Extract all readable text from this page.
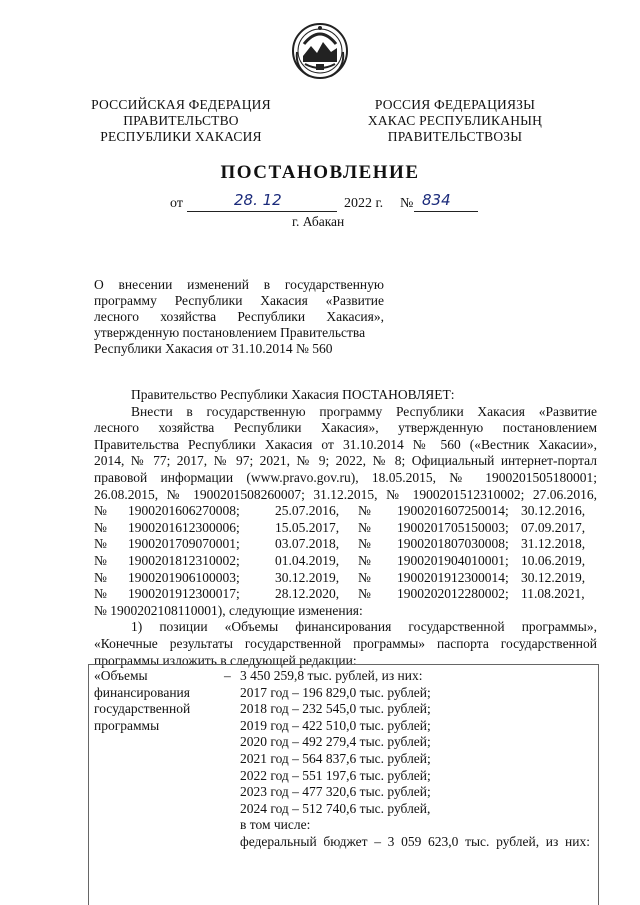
РОССИЙСКАЯ ФЕДЕРАЦИЯ
ПРАВИТЕЛЬСТВО
РЕСПУБЛИКИ ХАКАСИЯ
РОССИЯ ФЕДЕРАЦИЯЗЫ
ХАКАС РЕСПУБЛИКАНЫҢ
ПРАВИТЕЛЬСТВОЗЫ
ПОСТАНОВЛЕНИЕ
от	28. 12	2022 г. № 834
г. Абакан
О внесении изменений в государственную
программу Республики Хакасия «Развитие
лесного хозяйства Республики Хакасия»,
утвержденную постановлением Правительства
Республики Хакасия от 31.10.2014 № 560
Правительство Республики Хакасия ПОСТАНОВЛЯЕТ:
Внести в государственную программу Республики Хакасия «Развитие
лесного хозяйства Республики Хакасия», утвержденную постановлением
Правительства Республики Хакасия от 31.10.2014 № 560 («Вестник Хакасии»,
2014, № 77; 2017, № 97; 2021, № 9; 2022, № 8; Официальный интернет-портал
правовой информации (www.pravo.gov.ru), 18.05.2015, № 1900201505180001;
26.08.2015, № 1900201508260007; 31.12.2015, № 1900201512310002; 27.06.2016,
№ 1900201606270008;	25.07.2016, № 1900201607250014; 30.12.2016,
№ 1900201612300006;	15.05.2017, № 1900201705150003; 07.09.2017,
№ 1900201709070001;	03.07.2018, № 1900201807030008; 31.12.2018,
№ 1900201812310002;	01.04.2019, № 1900201904010001; 10.06.2019,
№ 1900201906100003;	30.12.2019, № 1900201912300014; 30.12.2019,
№ 1900201912300017;	28.12.2020, № 1900202012280002; 11.08.2021,
№ 1900202108110001), следующие изменения:
1) позиции «Объемы финансирования государственной программы»,
«Конечные результаты государственной программы» паспорта государственной
программы изложить в следующей редакции:
«Объемы
финансирования
государственной
программы
– 3 450 259,8 тыс. рублей, из них:
2017 год – 196 829,0 тыс. рублей;
2018 год – 232 545,0 тыс. рублей;
2019 год – 422 510,0 тыс. рублей;
2020 год – 492 279,4 тыс. рублей;
2021 год – 564 837,6 тыс. рублей;
2022 год – 551 197,6 тыс. рублей;
2023 год – 477 320,6 тыс. рублей;
2024 год – 512 740,6 тыс. рублей,
в том числе:
федеральный бюджет – 3 059 623,0 тыс. рублей, из них:
